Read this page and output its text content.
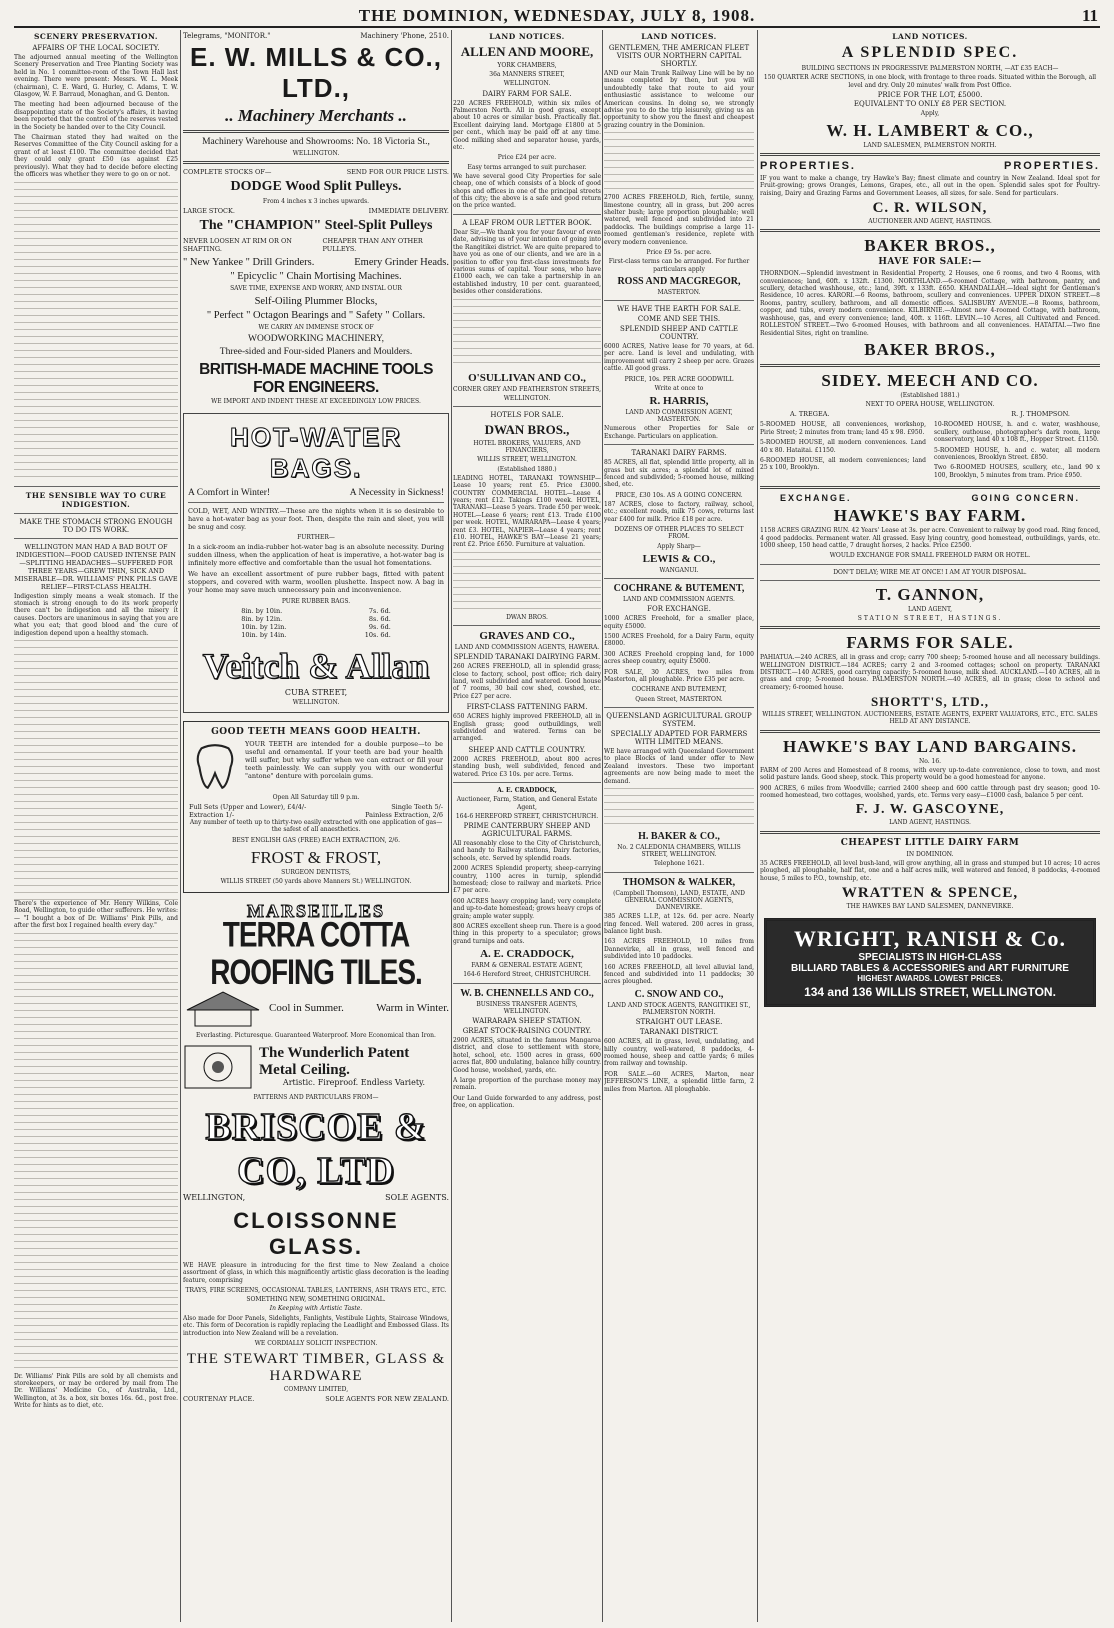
THE DOMINION, WEDNESDAY, JULY 8, 1908.	11
SCENERY PRESERVATION.
AFFAIRS OF THE LOCAL SOCIETY.

The adjourned annual meeting of the Wellington Scenery Preservation and Tree Planting Society was held in No. 1 committee-room of the Town Hall last evening. There were present: Messrs. W. L. Meek (chairman), C. E. Ward, G. Hurley, C. Adams, T. W. Glasgow, W. F. Barraud, Monaghan, and G. Denton.

The meeting had been adjourned because of the disappointing state of the Society's affairs, it having been reported that the control of the reserves vested in the Society be handed over to the City Council.

The Chairman stated they had waited on the Reserves Committee of the City Council asking for a grant of at least £100. The committee decided that they could only grant £50 (as against £25 previously). What they had to decide before electing the officers was whether they were to go on or not.

THE SENSIBLE WAY TO CURE INDIGESTION.
MAKE THE STOMACH STRONG ENOUGH TO DO ITS WORK.
WELLINGTON MAN HAD A BAD BOUT OF INDIGESTION—FOOD CAUSED INTENSE PAIN—SPLITTING HEADACHES—SUFFERED FOR THREE YEARS—GREW THIN, SICK AND MISERABLE—DR. WILLIAMS' PINK PILLS GAVE RELIEF—FIRST-CLASS HEALTH.

Indigestion simply means a weak stomach. If the stomach is strong enough to do its work properly there can't be indigestion and all the misery it causes. Doctors are unanimous in saying that you are what you eat; that good blood and the cure of indigestion depend upon a healthy stomach.

There's the experience of Mr. Henry Wilkins, Cole Road, Wellington, to guide other sufferers. He writes:— "I bought a box of Dr. Williams' Pink Pills, and after the first box I regained health every day."

Dr. Williams' Pink Pills are sold by all chemists and storekeepers, or may be ordered by mail from The Dr. Williams' Medicine Co., of Australia, Ltd., Wellington, at 3s. a box, six boxes 16s. 6d., post free. Write for hints as to diet, etc.

Telegrams, "MONITOR."	Machinery 'Phone, 2510.
E. W. MILLS & CO., LTD.,
.. Machinery Merchants ..
Machinery Warehouse and Showrooms: No. 18 Victoria St.,
WELLINGTON.
COMPLETE STOCKS OF—	SEND FOR OUR PRICE LISTS.
DODGE Wood Split Pulleys.
From 4 inches x 3 inches upwards.
LARGE STOCK.	IMMEDIATE DELIVERY.
The "CHAMPION" Steel-Split Pulleys
NEVER LOOSEN AT RIM OR ON SHAFTING.
CHEAPER THAN ANY OTHER PULLEYS.
" New Yankee " Drill Grinders.	Emery Grinder Heads.
" Epicyclic " Chain Mortising Machines.
SAVE TIME, EXPENSE AND WORRY, AND INSTAL OUR
Self-Oiling Plummer Blocks,
" Perfect " Octagon Bearings and " Safety " Collars.
WE CARRY AN IMMENSE STOCK OF
WOODWORKING MACHINERY,
Three-sided and Four-sided Planers and Moulders.
BRITISH-MADE MACHINE TOOLS FOR ENGINEERS.
WE IMPORT AND INDENT THESE AT EXCEEDINGLY LOW PRICES.
HOT-WATER BAGS.
A Comfort in Winter!	A Necessity in Sickness!

COLD, WET, AND WINTRY.—These are the nights when it is so desirable to have a hot-water bag as your foot. Then, despite the rain and sleet, you will be snug and cosy.

FURTHER—

In a sick-room an india-rubber hot-water bag is an absolute necessity. During sudden illness, when the application of heat is imperative, a hot-water bag is infinitely more effective and comfortable than the usual hot fomentations.

We have an excellent assortment of pure rubber bags, fitted with patent stoppers, and covered with warm, woollen plushette. Inspect now. A bag in your home may save much unnecessary pain and inconvenience.

PURE RUBBER BAGS.
8in. by 10in.	7s. 6d.
8in. by 12in.	8s. 6d.
10in. by 12in.	9s. 6d.
10in. by 14in.	10s. 6d.
Veitch & Allan
CUBA STREET,
WELLINGTON.
GOOD TEETH MEANS GOOD HEALTH.

YOUR TEETH are intended for a double purpose—to be useful and ornamental. If your teeth are bad your health will suffer, but why suffer when we can extract or fill your teeth painlessly. We can supply you with our wonderful "antone" denture with porcelain gums.

Open All Saturday till 9 p.m.
Full Sets (Upper and Lower), £4/4/-	Single Teeth 5/-
Extraction 1/-	Painless Extraction, 2/6

Any number of teeth up to thirty-two easily extracted with one application of gas—the safest of all anaesthetics.

BEST ENGLISH GAS (FREE) EACH EXTRACTION, 2/6.
FROST & FROST,
SURGEON DENTISTS,
WILLIS STREET (50 yards above Manners St.) WELLINGTON.
MARSEILLES
TERRA COTTA ROOFING TILES.
Cool in Summer.	Warm in Winter.
Everlasting. Picturesque. Guaranteed Waterproof. More Economical than Iron.
The Wunderlich Patent Metal Ceiling.
Artistic. Fireproof. Endless Variety.
PATTERNS AND PARTICULARS FROM—
BRISCOE & CO, LTD
WELLINGTON,	SOLE AGENTS.
CLOISSONNE GLASS.

WE HAVE pleasure in introducing for the first time to New Zealand a choice assortment of glass, in which this magnificently artistic glass decoration is the leading feature, comprising

TRAYS, FIRE SCREENS, OCCASIONAL TABLES, LANTERNS, ASH TRAYS ETC., ETC.
SOMETHING NEW, SOMETHING ORIGINAL.
In Keeping with Artistic Taste.

Also made for Door Panels, Sidelights, Fanlights, Vestibule Lights, Staircase Windows, etc. This form of Decoration is rapidly replacing the Leadlight and Embossed Glass. Its introduction into New Zealand will be a revelation.

WE CORDIALLY SOLICIT INSPECTION.
THE STEWART TIMBER, GLASS & HARDWARE
COMPANY LIMITED,
COURTENAY PLACE.	SOLE AGENTS FOR NEW ZEALAND.
LAND NOTICES.
ALLEN AND MOORE,
YORK CHAMBERS,
36a MANNERS STREET,
WELLINGTON.
DAIRY FARM FOR SALE.

220 ACRES FREEHOLD, within six miles of Palmerston North. All in good grass, except about 10 acres or similar bush. Practically flat. Excellent dairying land. Mortgage £1800 at 5 per cent., which may be paid off at any time. Good milking shed and separator house, yards, etc.

Price £24 per acre.
Easy terms arranged to suit purchaser.

We have several good City Properties for sale cheap, one of which consists of a block of good shops and offices in one of the principal streets of this city; the above is a safe and good return on the price wanted.

A LEAF FROM OUR LETTER BOOK.

Dear Sir,—We thank you for your favour of even date, advising us of your intention of going into the Rangitikei district. We are quite prepared to have you as one of our clients, and we are in a position to offer you first-class investments for various sums of capital. Your sons, who have £1000 each, we can take a partnership in an established industry, 10 per cent. guaranteed, besides other considerations.

O'SULLIVAN AND CO.,
CORNER GREY AND FEATHERSTON STREETS,
WELLINGTON.
HOTELS FOR SALE.
DWAN BROS.,
HOTEL BROKERS, VALUERS, AND FINANCIERS,
WILLIS STREET, WELLINGTON.
(Established 1880.)

LEADING HOTEL, TARANAKI TOWNSHIP—Lease 10 years; rent £5. Price £3000. COUNTRY COMMERCIAL HOTEL—Lease 4 years; rent £12. Takings £100 week. HOTEL, TARANAKI—Lease 5 years. Trade £50 per week. HOTEL—Lease 6 years; rent £13. Trade £100 per week. HOTEL, WAIRARAPA—Lease 4 years; rent £3. HOTEL, NAPIER—Lease 4 years; rent £10. HOTEL, HAWKE'S BAY—Lease 21 years; rent £2. Price £650. Furniture at valuation.

DWAN BROS.
GRAVES AND CO.,
LAND AND COMMISSION AGENTS, HAWERA.
SPLENDID TARANAKI DAIRYING FARM.

260 ACRES FREEHOLD, all in splendid grass; close to factory, school, post office; rich dairy land, well subdivided and watered. Good house of 7 rooms, 30 bail cow shed, cowshed, etc. Price £27 per acre.

FIRST-CLASS FATTENING FARM.

650 ACRES highly improved FREEHOLD, all in English grass; good outbuildings, well subdivided and watered. Terms can be arranged.

SHEEP AND CATTLE COUNTRY.

2000 ACRES FREEHOLD, about 800 acres standing bush, well subdivided, fenced and watered. Price £3 10s. per acre. Terms.

A. E. CRADDOCK,
Auctioneer, Farm, Station, and General Estate Agent,
164-6 HEREFORD STREET, CHRISTCHURCH.
PRIME CANTERBURY SHEEP AND AGRICULTURAL FARMS.

All reasonably close to the City of Christchurch, and handy to Railway stations, Dairy factories, schools, etc. Served by splendid roads.

2000 ACRES Splendid property, sheep-carrying country, 1100 acres in turnip, splendid homestead; close to railway and markets. Price £7 per acre.

600 ACRES heavy cropping land; very complete and up-to-date homestead; grows heavy crops of grain; ample water supply.

800 ACRES excellent sheep run. There is a good thing in this property to a speculator; grows grand turnips and oats.

A. E. CRADDOCK,
FARM & GENERAL ESTATE AGENT,
164-6 Hereford Street, CHRISTCHURCH.
W. B. CHENNELLS AND CO.,
BUSINESS TRANSFER AGENTS, WELLINGTON.
WAIRARAPA SHEEP STATION.
GREAT STOCK-RAISING COUNTRY.

2900 ACRES, situated in the famous Mangaroa district, and close to settlement with store, hotel, school, etc. 1500 acres in grass, 600 acres flat, 800 undulating, balance hilly country. Good house, woolshed, yards, etc.

A large proportion of the purchase money may remain.

Our Land Guide forwarded to any address, post free, on application.

LAND NOTICES.
GENTLEMEN, THE AMERICAN FLEET VISITS OUR NORTHERN CAPITAL SHORTLY.

AND our Main Trunk Railway Line will be by no means completed by then, but you will undoubtedly take that route to aid your enthusiastic assistance to welcome our American cousins. In doing so, we strongly advise you to do the trip leisurely, giving us an opportunity to show you the finest and cheapest grazing country in the Dominion.

2700 ACRES FREEHOLD, Rich, fertile, sunny, limestone country, all in grass, but 200 acres shelter bush; large proportion ploughable; well watered, well fenced and subdivided into 21 paddocks. The buildings comprise a large 11-roomed gentleman's residence, replete with every modern convenience.

Price £9 5s. per acre.
First-class terms can be arranged. For further particulars apply
ROSS AND MACGREGOR,
MASTERTON.
WE HAVE THE EARTH FOR SALE.
COME AND SEE THIS.
SPLENDID SHEEP AND CATTLE COUNTRY.

6000 ACRES, Native lease for 70 years, at 6d. per acre. Land is level and undulating, with improvement will carry 2 sheep per acre. Grazes cattle. All good grass.

PRICE, 10s. PER ACRE GOODWILL
Write at once to
R. HARRIS,
LAND AND COMMISSION AGENT, MASTERTON.

Numerous other Properties for Sale or Exchange. Particulars on application.

TARANAKI DAIRY FARMS.

85 ACRES, all flat, splendid little property, all in grass but six acres; a splendid lot of mixed fenced and subdivided; 5-roomed house, milking shed, etc.

PRICE, £30 10s. AS A GOING CONCERN.

187 ACRES, close to factory, railway, school, etc.; excellent roads, milk 75 cows, returns last year £400 for milk. Price £18 per acre.

DOZENS OF OTHER PLACES TO SELECT FROM.
Apply Sharp—
LEWIS & CO.,
WANGANUI.
COCHRANE & BUTEMENT,
LAND AND COMMISSION AGENTS.
FOR EXCHANGE.

1000 ACRES Freehold, for a smaller place, equity £5000.

1500 ACRES Freehold, for a Dairy Farm, equity £8000.

300 ACRES Freehold cropping land, for 1000 acres sheep country, equity £5000.

FOR SALE, 30 ACRES, two miles from Masterton, all ploughable. Price £35 per acre.

COCHRANE AND BUTEMENT,
Queen Street, MASTERTON.
QUEENSLAND AGRICULTURAL GROUP SYSTEM.
SPECIALLY ADAPTED FOR FARMERS WITH LIMITED MEANS.

WE have arranged with Queensland Government to place Blocks of land under offer to New Zealand investors. These two important agreements are now being made to meet the demand.

H. BAKER & CO.,
No. 2 CALEDONIA CHAMBERS, WILLIS STREET, WELLINGTON.
Telephone 1621.
THOMSON & WALKER,
(Campbell Thomson), LAND, ESTATE, AND GENERAL COMMISSION AGENTS, DANNEVIRKE.

385 ACRES L.I.P., at 12s. 6d. per acre. Nearly ring fenced. Well watered. 200 acres in grass, balance light bush.

163 ACRES FREEHOLD, 10 miles from Dannevirke, all in grass, well fenced and subdivided into 10 paddocks.

160 ACRES FREEHOLD, all level alluvial land, fenced and subdivided into 11 paddocks; 30 acres ploughed.

C. SNOW AND CO.,
LAND AND STOCK AGENTS, RANGITIKEI ST., PALMERSTON NORTH.
STRAIGHT OUT LEASE.
TARANAKI DISTRICT.

600 ACRES, all in grass, level, undulating, and hilly country, well-watered, 8 paddocks, 4-roomed house, sheep and cattle yards; 6 miles from railway and township.

FOR SALE.—60 ACRES, Marton, near JEFFERSON'S LINE, a splendid little farm, 2 miles from Marton. All ploughable.

LAND NOTICES.
A SPLENDID SPEC.
BUILDING SECTIONS IN PROGRESSIVE PALMERSTON NORTH, —AT £35 EACH—

150 QUARTER ACRE SECTIONS, in one block, with frontage to three roads. Situated within the Borough, all level and dry. Only 20 minutes' walk from Post Office.

PRICE FOR THE LOT, £5000.
EQUIVALENT TO ONLY £8 PER SECTION.
Apply,
W. H. LAMBERT & CO.,
LAND SALESMEN, PALMERSTON NORTH.
PROPERTIES.	PROPERTIES.

IF you want to make a change, try Hawke's Bay; finest climate and country in New Zealand. Ideal spot for Fruit-growing; grows Oranges, Lemons, Grapes, etc., all out in the open. Splendid sales spot for Poultry-raising, Dairy and Grazing Farms and Government Leases, all sizes, for sale. Send for particulars.

C. R. WILSON,
AUCTIONEER AND AGENT, HASTINGS.
BAKER BROS.,
HAVE FOR SALE:—

THORNDON.—Splendid investment in Residential Property, 2 Houses, one 6 rooms, and two 4 Rooms, with conveniences; land, 60ft. x 132ft. £1300. NORTHLAND.—6-roomed Cottage, with bathroom, pantry, and scullery, detached washhouse, etc.; land, 39ft. x 133ft. £650. KHANDALLAH.—Ideal sight for Gentleman's Residence, 10 acres. KARORI.—6 Rooms, bathroom, scullery and conveniences. UPPER DIXON STREET.—8 Rooms, pantry, scullery, bathroom, and all domestic offices. SALISBURY AVENUE.—8 Rooms, bathroom, copper, and tubs, every modern convenience. KILBIRNIE.—Almost new 4-roomed Cottage, with bathroom, washhouse, gas, and every convenience; land, 40ft. x 116ft. LEVIN.—10 Acres, all Cultivated and Fenced. ROLLESTON STREET.—Two 6-roomed Houses, with bathroom and all conveniences. HATAITAI.—Two fine Residential Sites, right on tramline.

BAKER BROS.,
SIDEY. MEECH AND CO.
(Established 1881.)
NEXT TO OPERA HOUSE, WELLINGTON.
A. TREGEA.	R. J. THOMPSON.

5-ROOMED HOUSE, all conveniences, workshop, Pirie Street; 2 minutes from tram; land 45 x 98. £950.

5-ROOMED HOUSE, all modern conveniences. Land 40 x 80. Hataitai. £1150.

6-ROOMED HOUSE, all modern conveniences; land 25 x 100, Brooklyn.

10-ROOMED HOUSE, h. and c. water, washhouse, scullery, outhouse, photographer's dark room, large conservatory, land 40 x 108 ft., Hopper Street. £1150.

5-ROOMED HOUSE, h. and c. water, all modern conveniences, Brooklyn Street. £850.

Two 6-ROOMED HOUSES, scullery, etc., land 90 x 100, Brooklyn, 5 minutes from tram. Price £950.

EXCHANGE.	GOING CONCERN.
HAWKE'S BAY FARM.

1158 ACRES GRAZING RUN. 42 Years' Lease at 3s. per acre. Convenient to railway by good road. Ring fenced, 4 good paddocks. Permanent water. All grassed. Easy lying country, good homestead, outbuildings, yards, etc. 1000 sheep, 150 head cattle, 7 draught horses, 2 hacks. Price £2500.

WOULD EXCHANGE FOR SMALL FREEHOLD FARM OR HOTEL.
DON'T DELAY; WIRE ME AT ONCE! I AM AT YOUR DISPOSAL.
T. GANNON,
LAND AGENT,
STATION STREET, HASTINGS.
FARMS FOR SALE.

PAHIATUA.—240 ACRES, all in grass and crop; carry 700 sheep; 5-roomed house and all necessary buildings. WELLINGTON DISTRICT.—184 ACRES; carry 2 and 3-roomed cottages; school on property. TARANAKI DISTRICT.—140 ACRES, good carrying capacity; 5-roomed house, milk shed. AUCKLAND.—140 ACRES, all in grass and crop; 5-roomed house. PALMERSTON NORTH.—40 ACRES, all in grass; close to school and creamery; 6-roomed house.

SHORTT'S, LTD.,
WILLIS STREET, WELLINGTON. AUCTIONEERS, ESTATE AGENTS, EXPERT VALUATORS, ETC., ETC. SALES HELD AT ANY DISTANCE.
HAWKE'S BAY LAND BARGAINS.
No. 16.

FARM of 200 Acres and Homestead of 8 rooms, with every up-to-date convenience, close to town, and most solid pasture lands. Good sheep, stock. This property would be a good homestead for anyone.

900 ACRES, 6 miles from Woodville; carried 2400 sheep and 600 cattle through past dry season; good 10-roomed homestead, two cottages, woolshed, yards, etc. Terms very easy—£1000 cash, balance 5 per cent.

F. J. W. GASCOYNE,
LAND AGENT, HASTINGS.
CHEAPEST LITTLE DAIRY FARM
IN DOMINION.

35 ACRES FREEHOLD, all level bush-land, will grow anything, all in grass and stumped but 10 acres; 10 acres ploughed, all ploughable, half flat, one and a half acres milk, well watered and fenced, 8 paddocks, 4-roomed house, 5 miles to P.O., township, etc.

WRATTEN & SPENCE,
THE HAWKES BAY LAND SALESMEN, DANNEVIRKE.
WRIGHT, RANISH & Co.
SPECIALISTS IN HIGH-CLASS
BILLIARD TABLES & ACCESSORIES and ART FURNITURE
HIGHEST AWARDS. LOWEST PRICES.
134 and 136 WILLIS STREET, WELLINGTON.
